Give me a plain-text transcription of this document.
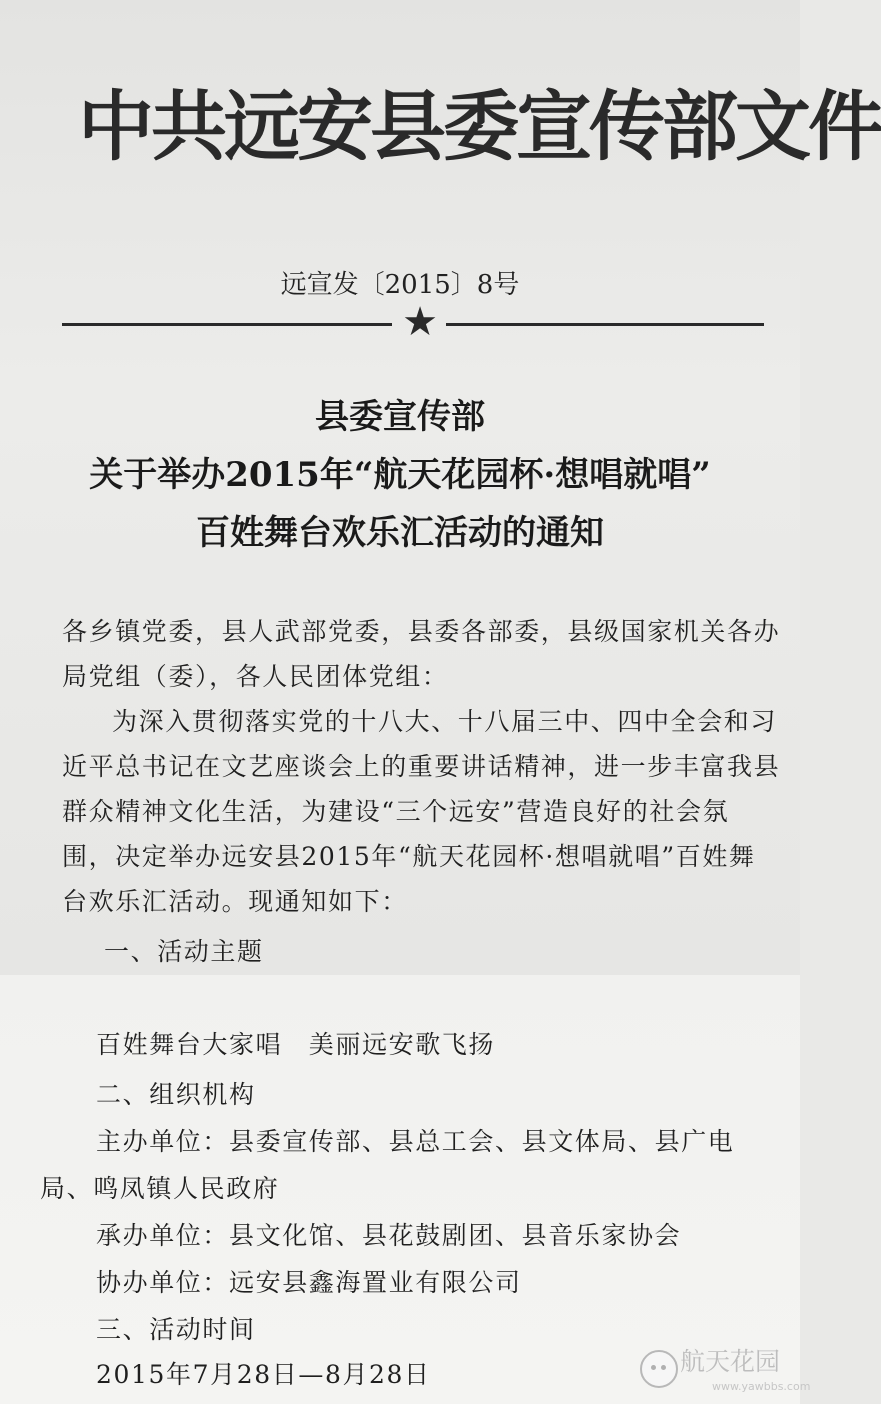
中共远安县委宣传部文件
远宣发〔2015〕8号
★
县委宣传部
关于举办2015年“航天花园杯·想唱就唱”
百姓舞台欢乐汇活动的通知
各乡镇党委，县人武部党委，县委各部委，县级国家机关各办
局党组（委），各人民团体党组：
为深入贯彻落实党的十八大、十八届三中、四中全会和习
近平总书记在文艺座谈会上的重要讲话精神，进一步丰富我县
群众精神文化生活，为建设“三个远安”营造良好的社会氛
围，决定举办远安县2015年“航天花园杯·想唱就唱”百姓舞
台欢乐汇活动。现通知如下：
一、活动主题
百姓舞台大家唱　美丽远安歌飞扬
二、组织机构
主办单位：县委宣传部、县总工会、县文体局、县广电
局、鸣凤镇人民政府
承办单位：县文化馆、县花鼓剧团、县音乐家协会
协办单位：远安县鑫海置业有限公司
三、活动时间
2015年7月28日—8月28日	航天花园
www.yawbbs.com
